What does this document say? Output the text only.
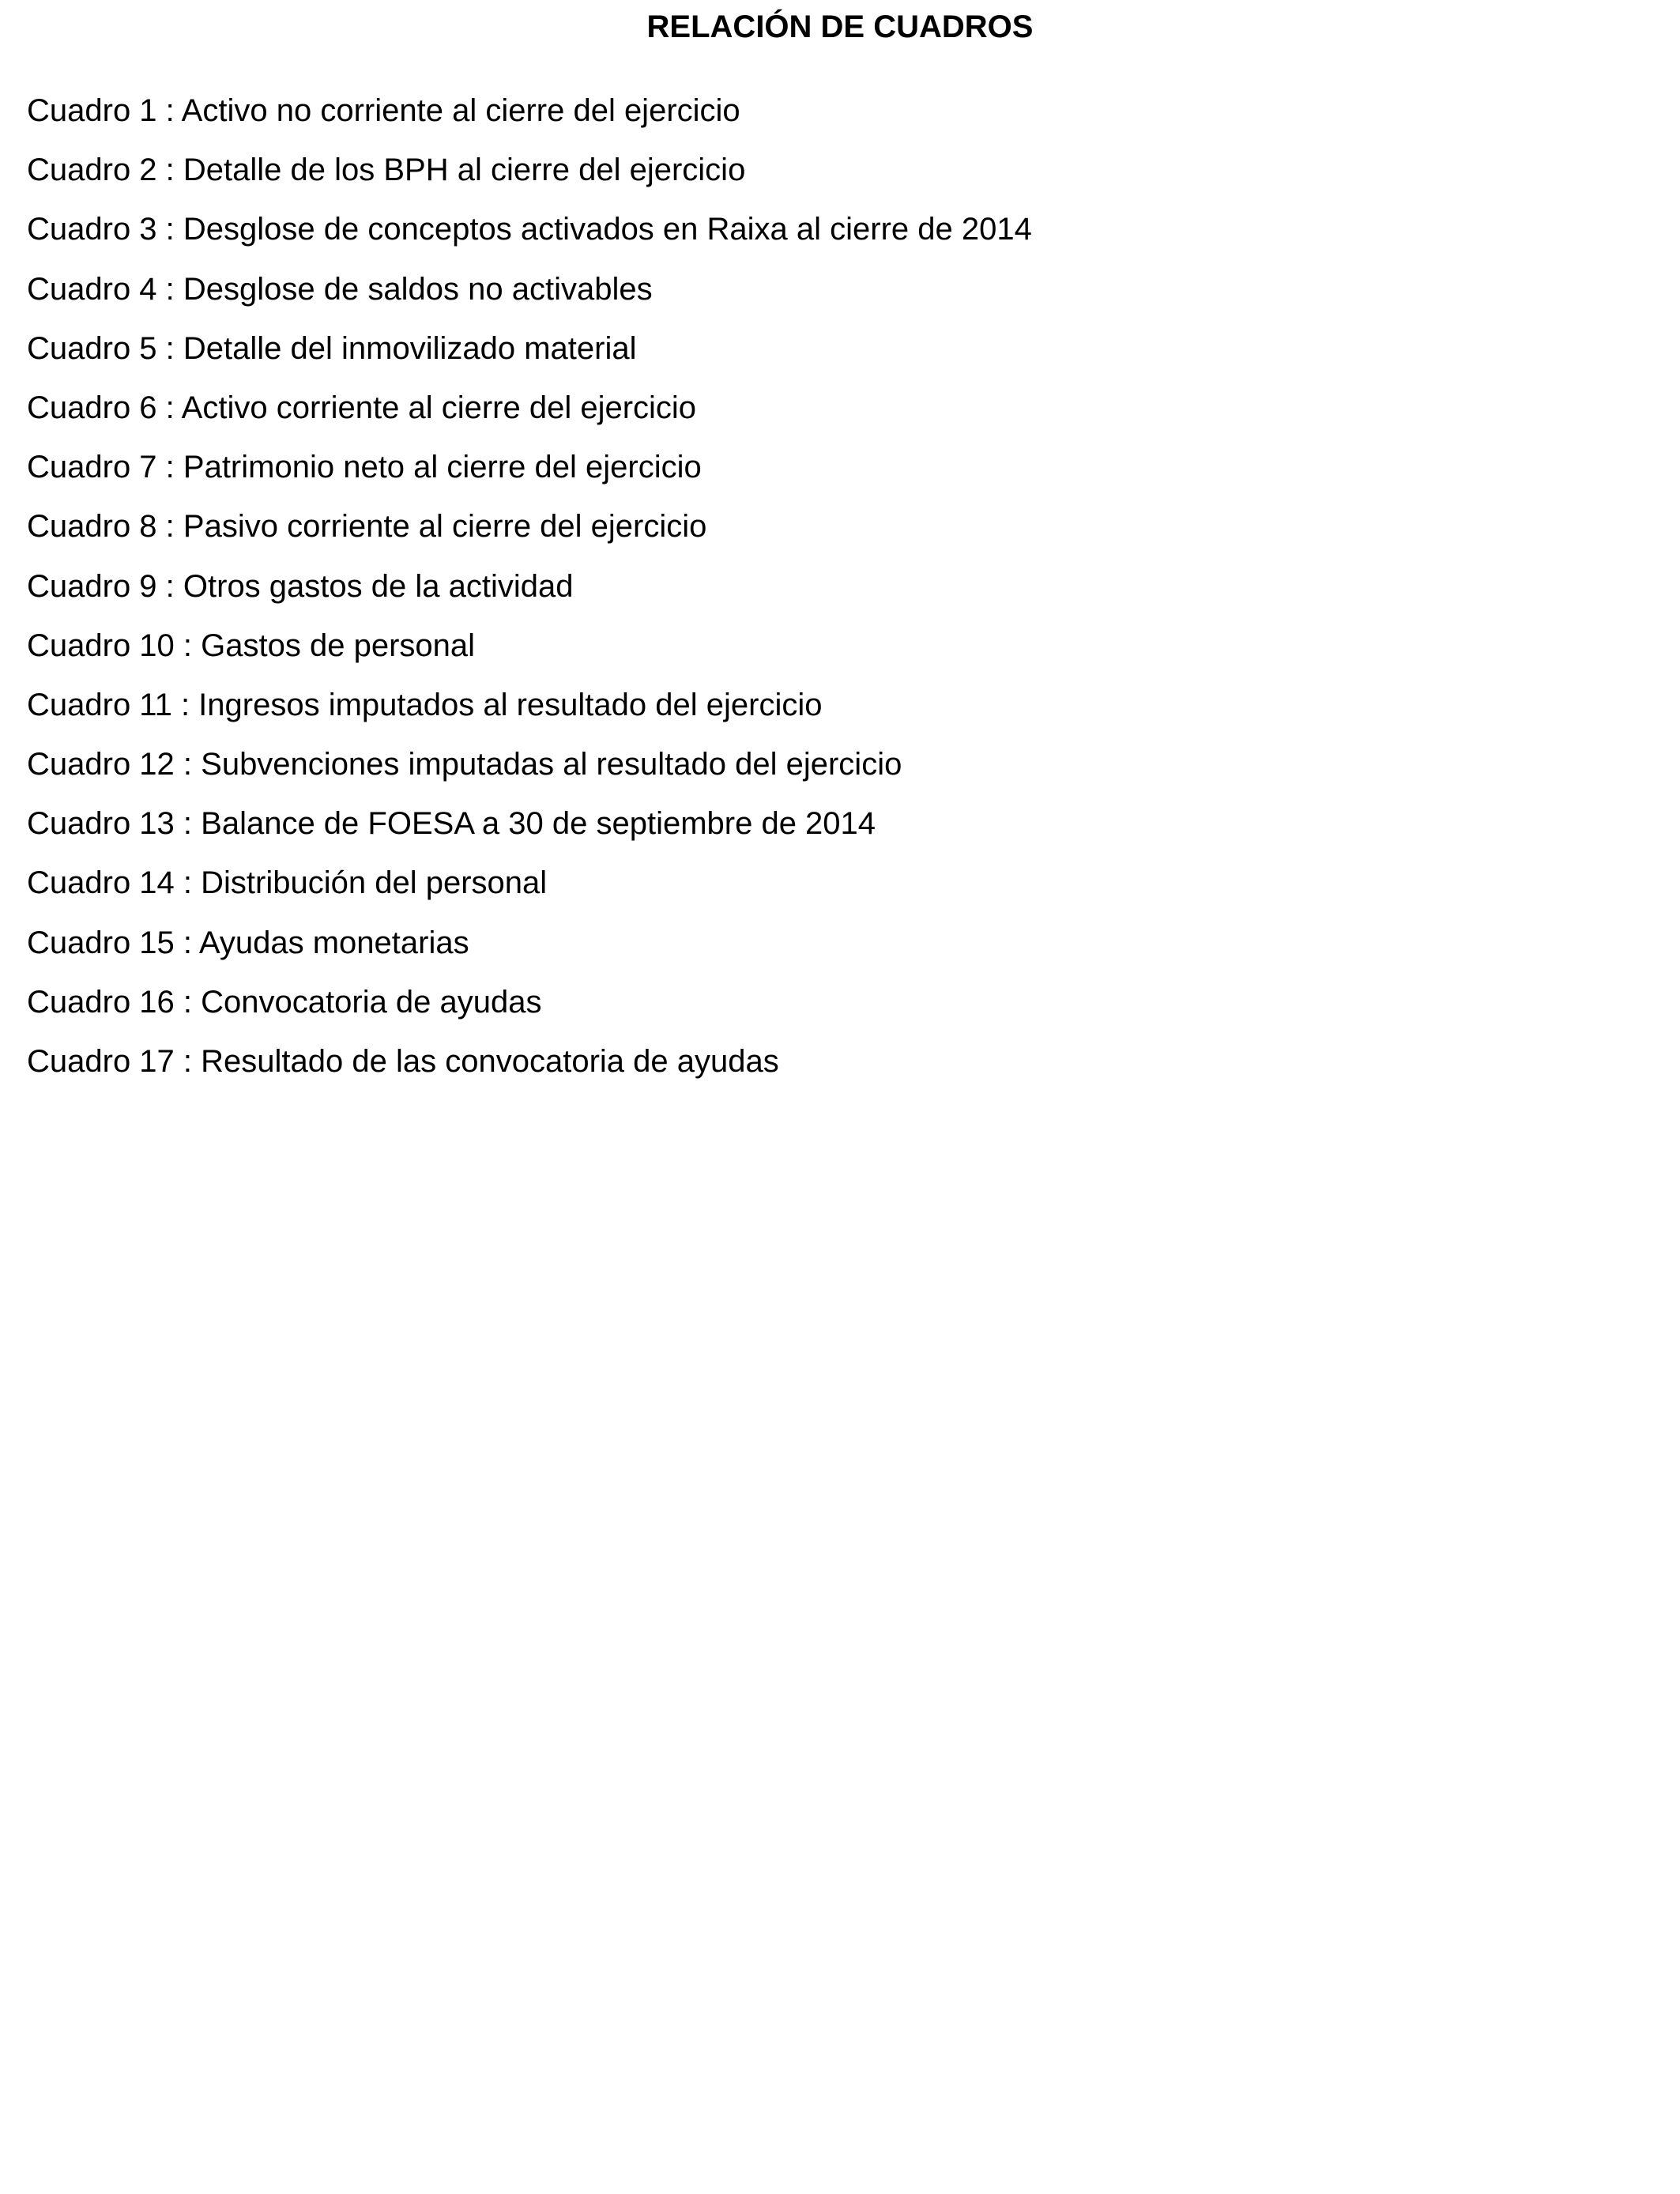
RELACIÓN DE CUADROS
Cuadro 1 : Activo no corriente al cierre del ejercicio
Cuadro 2 : Detalle de los BPH al cierre del ejercicio
Cuadro 3 : Desglose de conceptos activados en Raixa al cierre de 2014
Cuadro 4 : Desglose de saldos no activables
Cuadro 5 : Detalle del inmovilizado material
Cuadro 6 : Activo corriente al cierre del ejercicio
Cuadro 7 : Patrimonio neto al cierre del ejercicio
Cuadro 8 : Pasivo corriente al cierre del ejercicio
Cuadro 9 : Otros gastos de la actividad
Cuadro 10 : Gastos de personal
Cuadro 11 : Ingresos imputados al resultado del ejercicio
Cuadro 12 : Subvenciones imputadas al resultado del ejercicio
Cuadro 13 : Balance de FOESA a 30 de septiembre de 2014
Cuadro 14 : Distribución del personal
Cuadro 15 : Ayudas monetarias
Cuadro 16 : Convocatoria de ayudas
Cuadro 17 : Resultado de las convocatoria de ayudas
